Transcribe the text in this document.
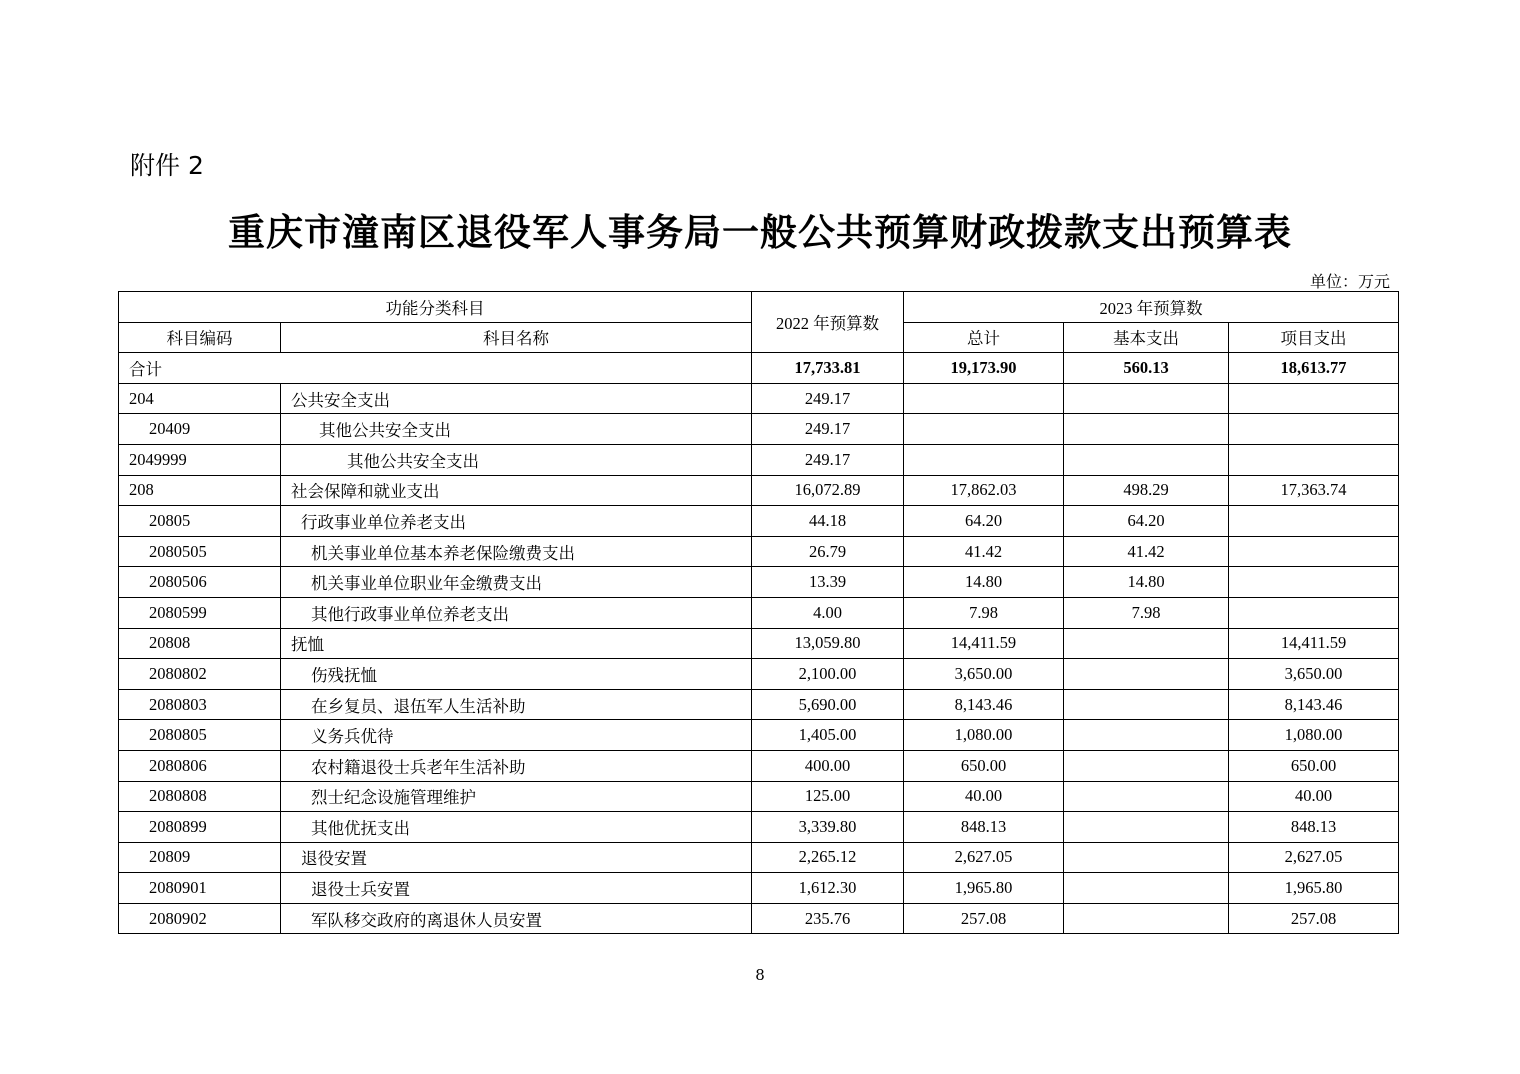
附件 2
重庆市潼南区退役军人事务局一般公共预算财政拨款支出预算表
单位：万元
功能分类科目		2022 年预算数	2023 年预算数		
科目编码	科目名称		总计	基本支出	项目支出
合计		17,733.81	19,173.90	560.13	18,613.77
204	公共安全支出	249.17			
20409	其他公共安全支出	249.17			
2049999	其他公共安全支出	249.17			
208	社会保障和就业支出	16,072.89	17,862.03	498.29	17,363.74
20805	行政事业单位养老支出	44.18	64.20	64.20	
2080505	机关事业单位基本养老保险缴费支出	26.79	41.42	41.42	
2080506	机关事业单位职业年金缴费支出	13.39	14.80	14.80	
2080599	其他行政事业单位养老支出	4.00	7.98	7.98	
20808	抚恤	13,059.80	14,411.59		14,411.59
2080802	伤残抚恤	2,100.00	3,650.00		3,650.00
2080803	在乡复员、退伍军人生活补助	5,690.00	8,143.46		8,143.46
2080805	义务兵优待	1,405.00	1,080.00		1,080.00
2080806	农村籍退役士兵老年生活补助	400.00	650.00		650.00
2080808	烈士纪念设施管理维护	125.00	40.00		40.00
2080899	其他优抚支出	3,339.80	848.13		848.13
20809	退役安置	2,265.12	2,627.05		2,627.05
2080901	退役士兵安置	1,612.30	1,965.80		1,965.80
2080902	军队移交政府的离退休人员安置	235.76	257.08		257.08
8
